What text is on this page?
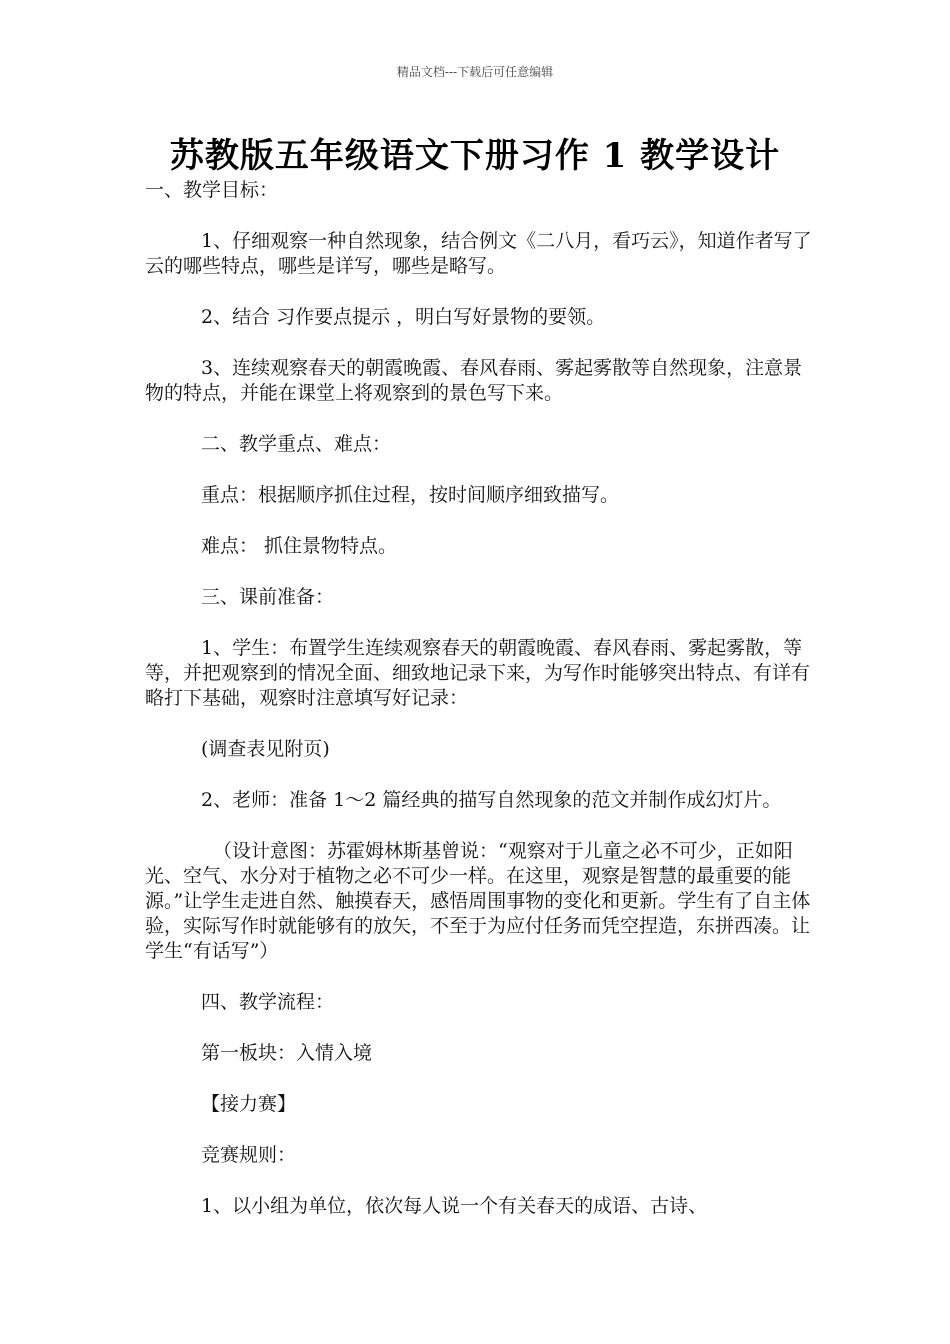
精品文档---下载后可任意编辑
苏教版五年级语文下册习作 1 教学设计

一、教学目标：

1、仔细观察一种自然现象，结合例文《二八月，看巧云》，知道作者写了云的哪些特点，哪些是详写，哪些是略写。

2、结合 习作要点提示 ，明白写好景物的要领。

3、连续观察春天的朝霞晚霞、春风春雨、雾起雾散等自然现象，注意景物的特点，并能在课堂上将观察到的景色写下来。

二、教学重点、难点：

重点：根据顺序抓住过程，按时间顺序细致描写。

难点： 抓住景物特点。

三、课前准备：

1、学生：布置学生连续观察春天的朝霞晚霞、春风春雨、雾起雾散，等等，并把观察到的情况全面、细致地记录下来，为写作时能够突出特点、有详有略打下基础，观察时注意填写好记录：

(调查表见附页)

2、老师：准备 1～2 篇经典的描写自然现象的范文并制作成幻灯片。

（设计意图：苏霍姆林斯基曾说：“观察对于儿童之必不可少，正如阳光、空气、水分对于植物之必不可少一样。在这里，观察是智慧的最重要的能源。”让学生走进自然、触摸春天，感悟周围事物的变化和更新。学生有了自主体验，实际写作时就能够有的放矢，不至于为应付任务而凭空捏造，东拼西凑。让学生“有话写”）

四、教学流程：

第一板块：入情入境

【接力赛】

竞赛规则：

1、以小组为单位，依次每人说一个有关春天的成语、古诗、
